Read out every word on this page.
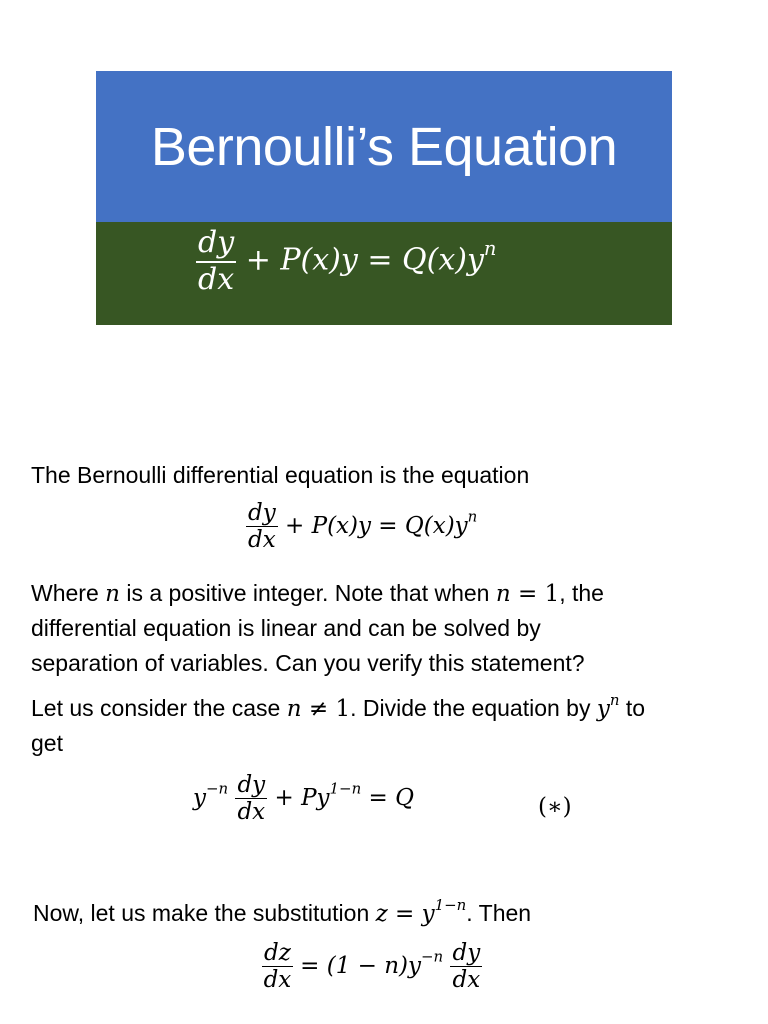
Bernoulli’s Equation
$\frac{dy}{dx} + P(x)y = Q(x)y^n$
The Bernoulli differential equation is the equation
$\frac{dy}{dx} + P(x)y = Q(x)y^n$
Where n is a positive integer. Note that when n = 1, the
differential equation is linear and can be solved by
separation of variables. Can you verify this statement?
Let us consider the case n ≠ 1. Divide the equation by $y^n$ to
get
$y^{-n} \frac{dy}{dx} + Py^{1-n} = Q$	(∗)
Now, let us make the substitution $z = y^{1-n}$. Then
$\frac{dz}{dx} = (1 - n)y^{-n} \frac{dy}{dx}$
